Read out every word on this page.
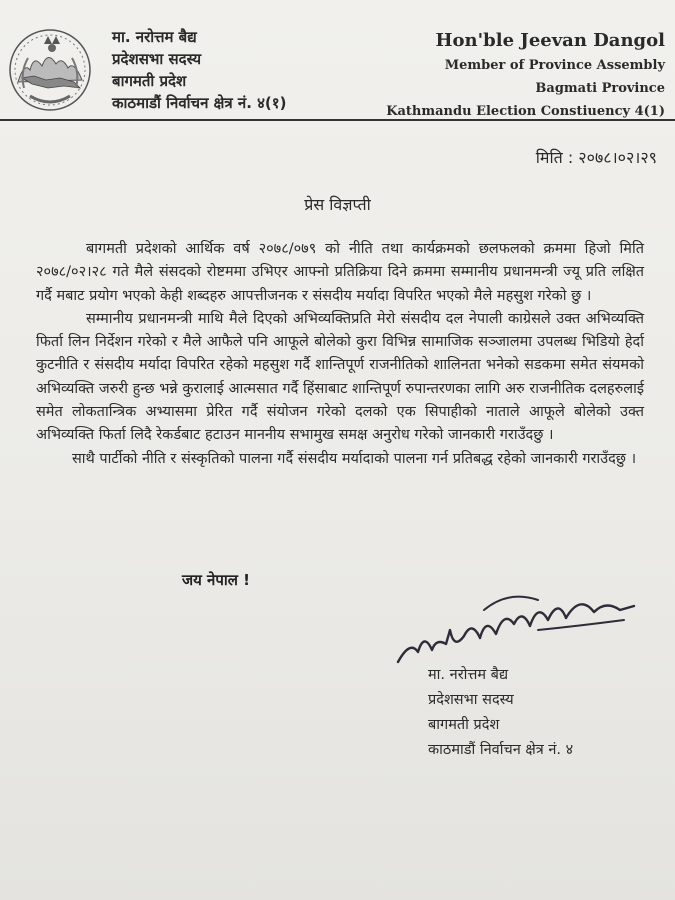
मा. नरोत्तम बैद्य
प्रदेशसभा सदस्य
बागमती प्रदेश
काठमाडौं निर्वाचन क्षेत्र नं. ४(१)
Hon'ble Jeevan Dangol
Member of Province Assembly
Bagmati Province
Kathmandu Election Constiuency 4(1)
मिति : २०७८।०२।२९
प्रेस विज्ञप्ती

बागमती प्रदेशको आर्थिक वर्ष २०७८/०७९ को नीति तथा कार्यक्रमको छलफलको क्रममा हिजो मिति २०७८/०२।२८ गते मैले संसदको रोष्टममा उभिएर आफ्नो प्रतिक्रिया दिने क्रममा सम्मानीय प्रधानमन्त्री ज्यू प्रति लक्षित गर्दै मबाट प्रयोग भएको केही शब्दहरु आपत्तीजनक र संसदीय मर्यादा विपरित भएको मैले महसुश गरेको छु ।

सम्मानीय प्रधानमन्त्री माथि मैले दिएको अभिव्यक्तिप्रति मेरो संसदीय दल नेपाली काग्रेसले उक्त अभिव्यक्ति फिर्ता लिन निर्देशन गरेको र मैले आफैले पनि आफूले बोलेको कुरा विभिन्न सामाजिक सञ्जालमा उपलब्ध भिडियो हेर्दा कुटनीति र संसदीय मर्यादा विपरित रहेको महसुश गर्दै शान्तिपूर्ण राजनीतिको शालिनता भनेको सडकमा समेत संयमको अभिव्यक्ति जरुरी हुन्छ भन्ने कुरालाई आत्मसात गर्दै हिंसाबाट शान्तिपूर्ण रुपान्तरणका लागि अरु राजनीतिक दलहरुलाई समेत लोकतान्त्रिक अभ्यासमा प्रेरित गर्दै संयोजन गरेको दलको एक सिपाहीको नाताले आफूले बोलेको उक्त अभिव्यक्ति फिर्ता लिदै रेकर्डबाट हटाउन माननीय सभामुख समक्ष अनुरोध गरेको जानकारी गराउँदछु ।

साथै पार्टीको नीति र संस्कृतिको पालना गर्दै संसदीय मर्यादाको पालना गर्न प्रतिबद्ध रहेको जानकारी गराउँदछु ।

जय नेपाल !
मा. नरोत्तम बैद्य
प्रदेशसभा सदस्य
बागमती प्रदेश
काठमाडौं निर्वाचन क्षेत्र नं. ४
